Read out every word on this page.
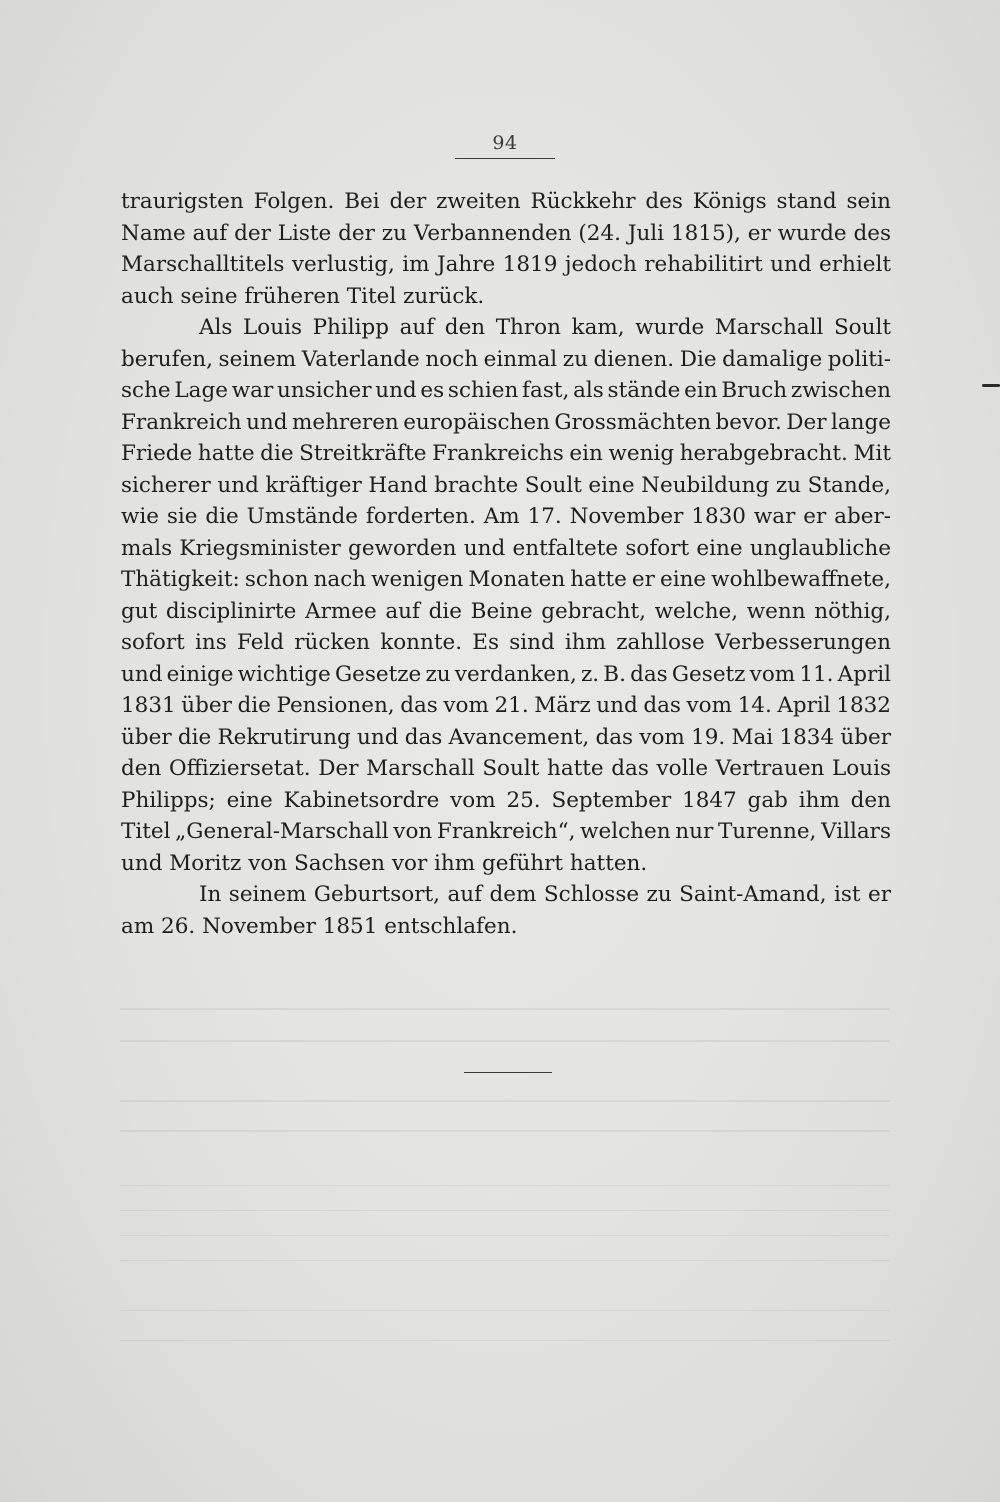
94
traurigsten Folgen. Bei der zweiten Rückkehr des Königs stand sein
Name auf der Liste der zu Verbannenden (24. Juli 1815), er wurde des
Marschalltitels verlustig, im Jahre 1819 jedoch rehabilitirt und erhielt
auch seine früheren Titel zurück.
Als Louis Philipp auf den Thron kam, wurde Marschall Soult
berufen, seinem Vaterlande noch einmal zu dienen. Die damalige politi-
sche Lage war unsicher und es schien fast, als stände ein Bruch zwischen
Frankreich und mehreren europäischen Grossmächten bevor. Der lange
Friede hatte die Streitkräfte Frankreichs ein wenig herabgebracht. Mit
sicherer und kräftiger Hand brachte Soult eine Neubildung zu Stande,
wie sie die Umstände forderten. Am 17. November 1830 war er aber-
mals Kriegsminister geworden und entfaltete sofort eine unglaubliche
Thätigkeit: schon nach wenigen Monaten hatte er eine wohlbewaffnete,
gut disciplinirte Armee auf die Beine gebracht, welche, wenn nöthig,
sofort ins Feld rücken konnte. Es sind ihm zahllose Verbesserungen
und einige wichtige Gesetze zu verdanken, z. B. das Gesetz vom 11. April
1831 über die Pensionen, das vom 21. März und das vom 14. April 1832
über die Rekrutirung und das Avancement, das vom 19. Mai 1834 über
den Offiziersetat. Der Marschall Soult hatte das volle Vertrauen Louis
Philipps; eine Kabinetsordre vom 25. September 1847 gab ihm den
Titel „General-Marschall von Frankreich“, welchen nur Turenne, Villars
und Moritz von Sachsen vor ihm geführt hatten.
In seinem Geburtsort, auf dem Schlosse zu Saint-Amand, ist er
am 26. November 1851 entschlafen.
